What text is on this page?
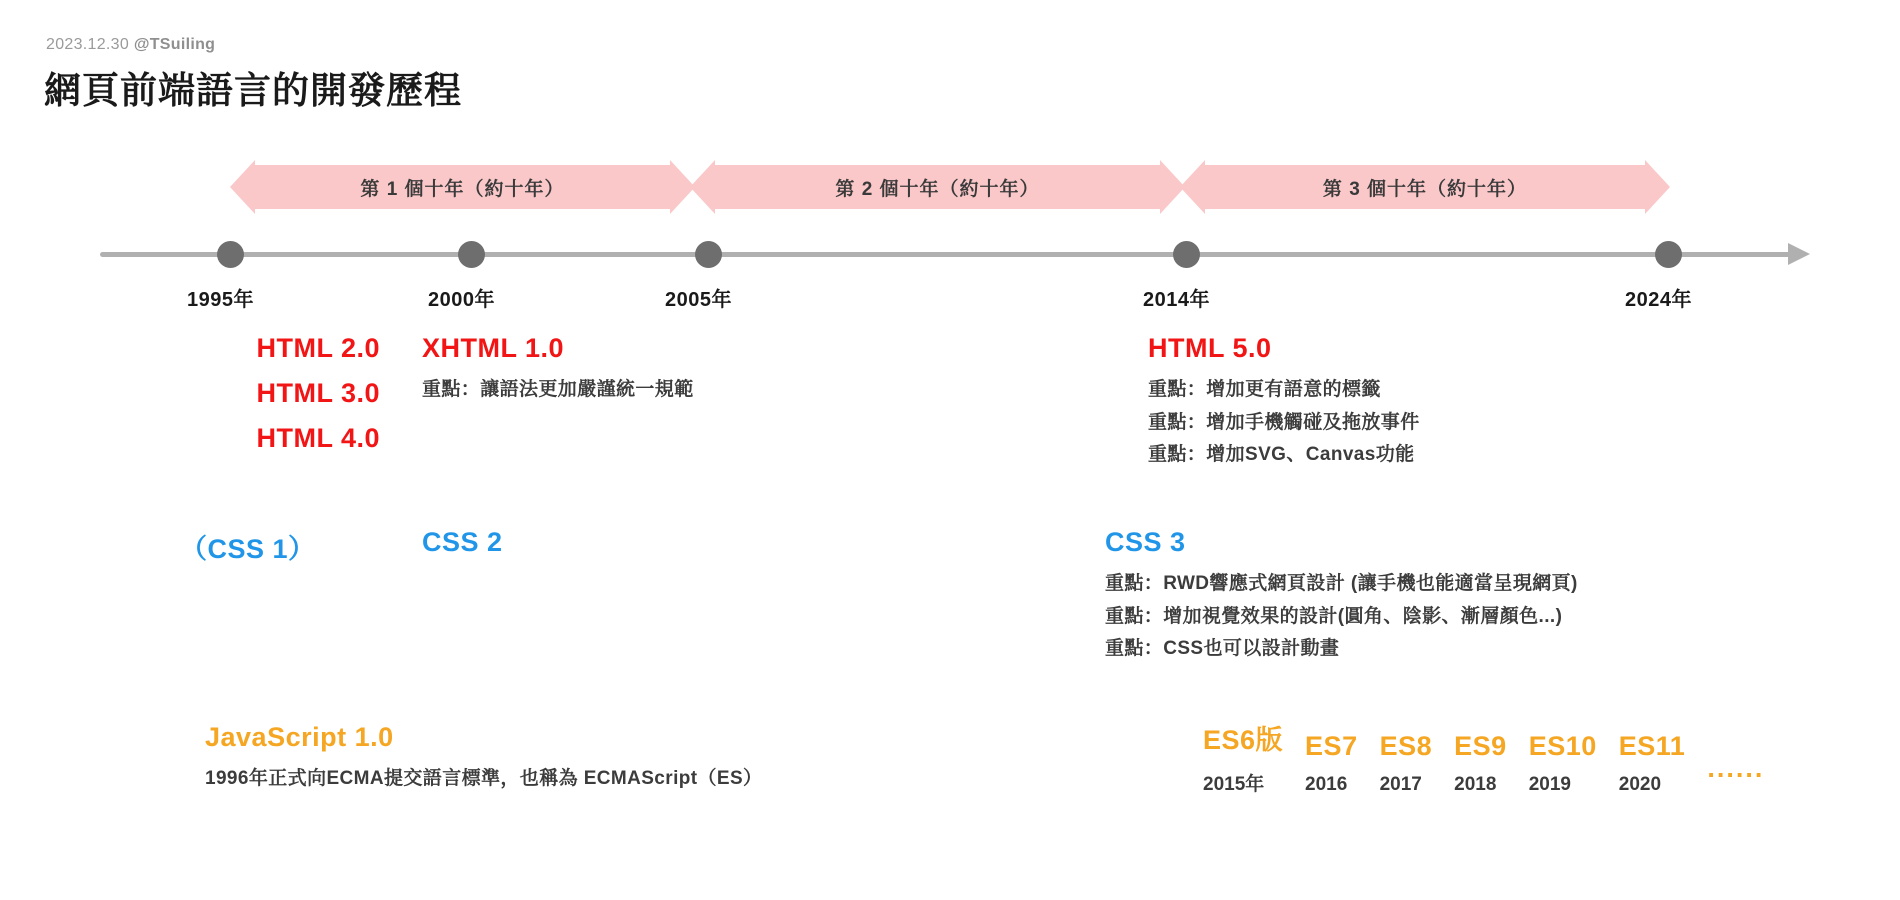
2023.12.30 @TSuiling
網頁前端語言的開發歷程
第 1 個十年（約十年）	第 2 個十年（約十年）	第 3 個十年（約十年）
1995年	2000年	2005年	2014年	2024年
HTML 2.0
HTML 3.0
HTML 4.0
XHTML 1.0
重點：讓語法更加嚴謹統一規範
HTML 5.0
重點：增加更有語意的標籤
重點：增加手機觸碰及拖放事件
重點：增加SVG、Canvas功能
（CSS 1）	CSS 2	CSS 3
重點：RWD響應式網頁設計 (讓手機也能適當呈現網頁)
重點：增加視覺效果的設計(圓角、陰影、漸層顏色...)
重點：CSS也可以設計動畫
JavaScript 1.0
1996年正式向ECMA提交語言標準，也稱為 ECMAScript（ES）
ES6版
2015年
ES7
2016
ES8
2017
ES9
2018
ES10
2019
ES11
2020
......
